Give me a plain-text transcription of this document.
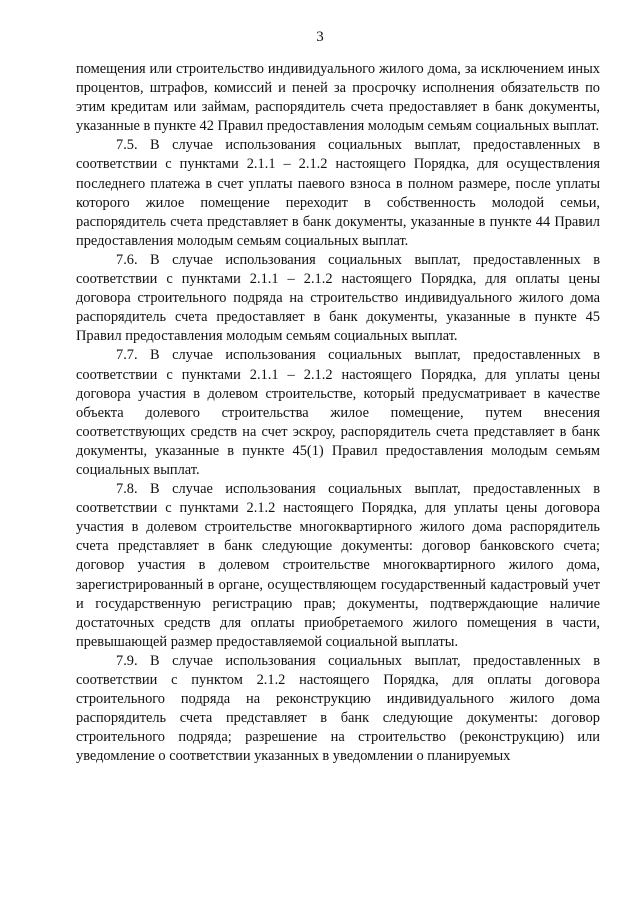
3

помещения или строительство индивидуального жилого дома, за исключением иных процентов, штрафов, комиссий и пеней за просрочку исполнения обязательств по этим кредитам или займам, распорядитель счета предоставляет в банк документы, указанные в пункте 42 Правил предоставления молодым семьям социальных выплат.

7.5. В случае использования социальных выплат, предоставленных в соответствии с пунктами 2.1.1 – 2.1.2 настоящего Порядка, для осуществления последнего платежа в счет уплаты паевого взноса в полном размере, после уплаты которого жилое помещение переходит в собственность молодой семьи, распорядитель счета представляет в банк документы, указанные в пункте 44 Правил предоставления молодым семьям социальных выплат.

7.6. В случае использования социальных выплат, предоставленных в соответствии с пунктами 2.1.1 – 2.1.2 настоящего Порядка, для оплаты цены договора строительного подряда на строительство индивидуального жилого дома распорядитель счета предоставляет в банк документы, указанные в пункте 45 Правил предоставления молодым семьям социальных выплат.

7.7. В случае использования социальных выплат, предоставленных в соответствии с пунктами 2.1.1 – 2.1.2 настоящего Порядка, для уплаты цены договора участия в долевом строительстве, который предусматривает в качестве объекта долевого строительства жилое помещение, путем внесения соответствующих средств на счет эскроу, распорядитель счета представляет в банк документы, указанные в пункте 45(1) Правил предоставления молодым семьям социальных выплат.

7.8. В случае использования социальных выплат, предоставленных в соответствии с пунктами 2.1.2 настоящего Порядка, для уплаты цены договора участия в долевом строительстве многоквартирного жилого дома распорядитель счета представляет в банк следующие документы: договор банковского счета; договор участия в долевом строительстве многоквартирного жилого дома, зарегистрированный в органе, осуществляющем государственный кадастровый учет и государственную регистрацию прав; документы, подтверждающие наличие достаточных средств для оплаты приобретаемого жилого помещения в части, превышающей размер предоставляемой социальной выплаты.

7.9. В случае использования социальных выплат, предоставленных в соответствии с пунктом 2.1.2 настоящего Порядка, для оплаты договора строительного подряда на реконструкцию индивидуального жилого дома распорядитель счета представляет в банк следующие документы: договор строительного подряда; разрешение на строительство (реконструкцию) или уведомление о соответствии указанных в уведомлении о планируемых
